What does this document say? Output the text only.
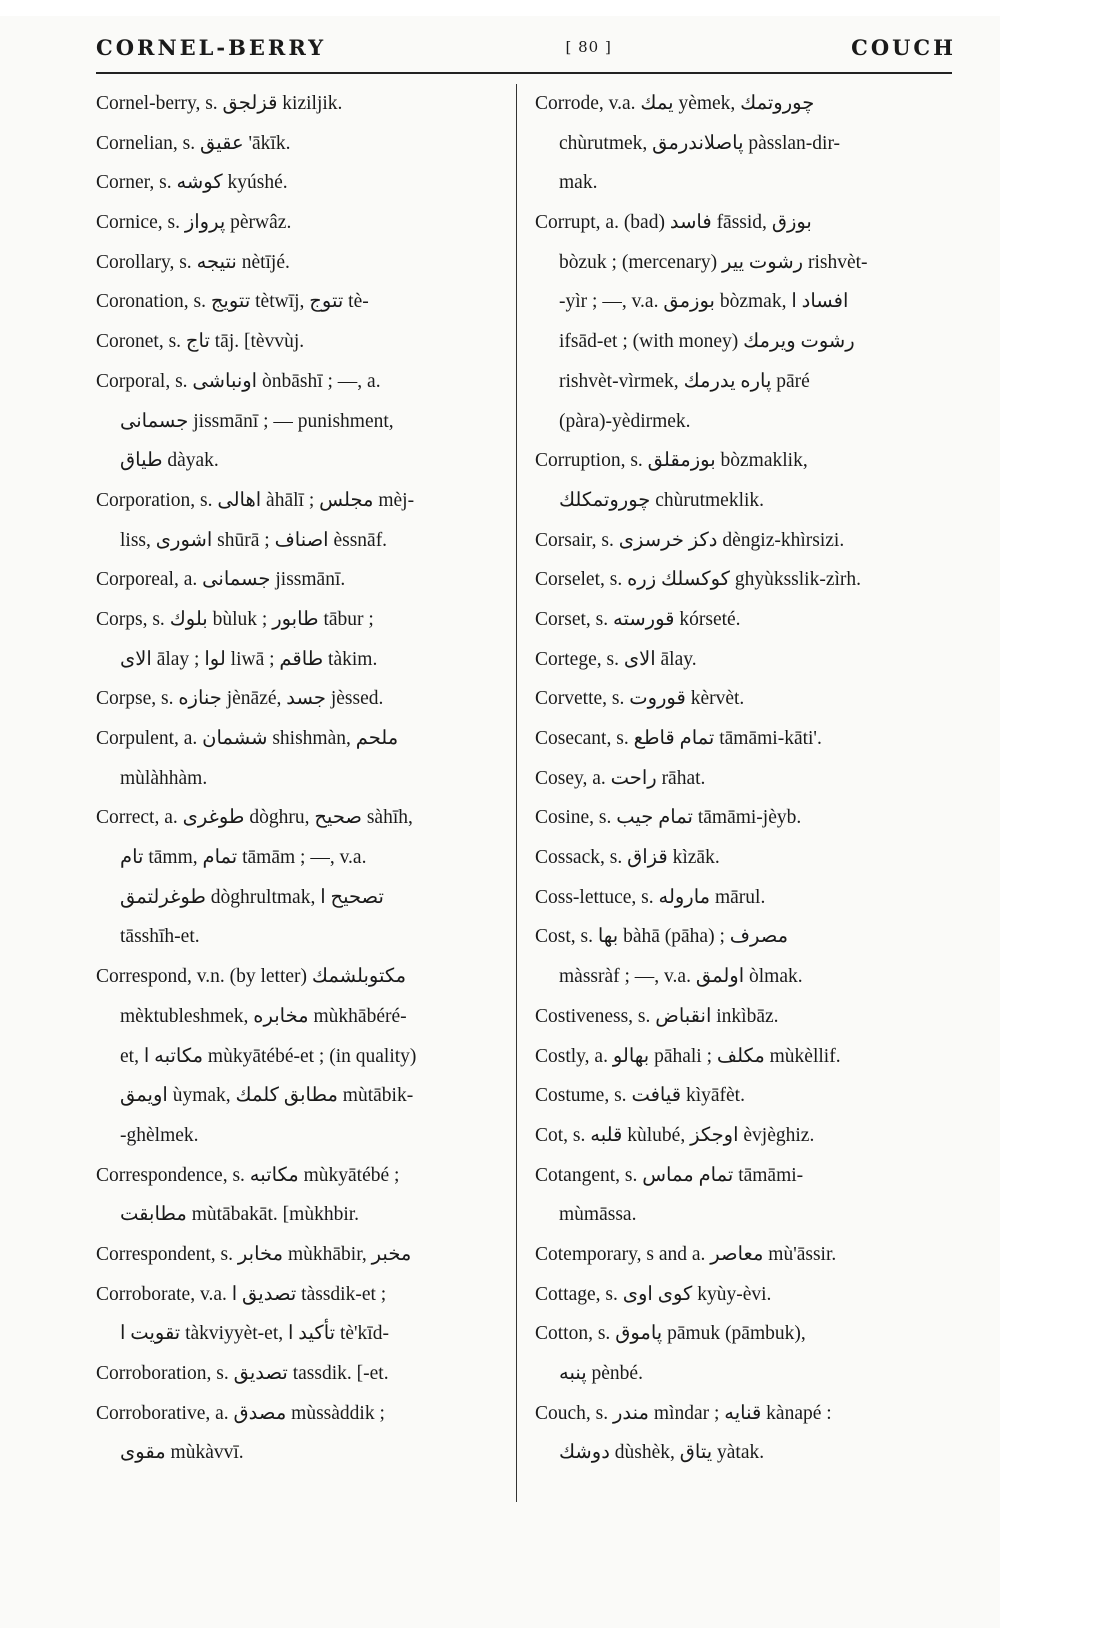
CORNEL-BERRY	[ 80 ]	COUCH
Cornel-berry, s. قزلجق kiziljik.
Cornelian, s. عقيق 'ākīk.
Corner, s. كوشه kyúshé.
Cornice, s. پرواز pèrwâz.
Corollary, s. نتيجه nètījé.
Coronation, s. تتويج tètwīj, تتوج tè-
Coronet, s. تاج tāj. [tèvvùj.
Corporal, s. اونباشى ònbāshī ; —, a.
جسمانى jissmānī ; — punishment,
طياق dàyak.
Corporation, s. اهالى àhālī ; مجلس mèj-
liss, اشورى shūrā ; اصناف èssnāf.
Corporeal, a. جسمانى jissmānī.
Corps, s. بلوك bùluk ; طابور tābur ;
الاى ālay ; لوا liwā ; طاقم tàkim.
Corpse, s. جنازه jènāzé, جسد jèssed.
Corpulent, a. ششمان shishmàn, ملحم
mùlàhhàm.
Correct, a. طوغرى dòghru, صحيح sàhīh,
تام tāmm, تمام tāmām ; —, v.a.
طوغرلتمق dòghrultmak, تصحيح ا
tāsshīh-et.
Correspond, v.n. (by letter) مكتوبلشمك
mèktubleshmek, مخابره mùkhābéré-
et, مكاتبه ا mùkyātébé-et ; (in quality)
اويمق ùymak, مطابق كلمك mùtābik-
-ghèlmek.
Correspondence, s. مكاتبه mùkyātébé ;
مطابقت mùtābakāt. [mùkhbir.
Correspondent, s. مخابر mùkhābir, مخبر
Corroborate, v.a. تصديق ا tàssdik-et ;
تقويت ا tàkviyyèt-et, تأكيد ا tè'kīd-
Corroboration, s. تصديق tassdik. [-et.
Corroborative, a. مصدق mùssàddik ;
مقوى mùkàvvī.
Corrode, v.a. يمك yèmek, چوروتمك
chùrutmek, پاصلاندرمق pàsslan-dir-
mak.
Corrupt, a. (bad) فاسد fāssid, بوزق
bòzuk ; (mercenary) رشوت يير rishvèt-
-yìr ; —, v.a. بوزمق bòzmak, افساد ا
ifsād-et ; (with money) رشوت ويرمك
rishvèt-vìrmek, پاره يدرمك pāré
(pàra)-yèdirmek.
Corruption, s. بوزمقلق bòzmaklik,
چوروتمكلك chùrutmeklik.
Corsair, s. دكز خرسزى dèngiz-khìrsizi.
Corselet, s. كوكسلك زره ghyùksslik-zìrh.
Corset, s. قورسته kórseté.
Cortege, s. الاى ālay.
Corvette, s. قوروت kèrvèt.
Cosecant, s. تمام قاطع tāmāmi-kāti'.
Cosey, a. راحت rāhat.
Cosine, s. تمام جيب tāmāmi-jèyb.
Cossack, s. قزاق kìzāk.
Coss-lettuce, s. ماروله mārul.
Cost, s. بها bàhā (pāha) ; مصرف
màssràf ; —, v.a. اولمق òlmak.
Costiveness, s. انقباض inkìbāz.
Costly, a. بهالو pāhali ; مكلف mùkèllif.
Costume, s. قيافت kìyāfèt.
Cot, s. قلبه kùlubé, اوجكز èvjèghiz.
Cotangent, s. تمام مماس tāmāmi-
mùmāssa.
Cotemporary, s and a. معاصر mù'āssir.
Cottage, s. كوى اوى kyùy-èvi.
Cotton, s. پاموق pāmuk (pāmbuk),
پنبه pènbé.
Couch, s. مندر mìndar ; قنايه kànapé :
دوشك dùshèk, يتاق yàtak.
